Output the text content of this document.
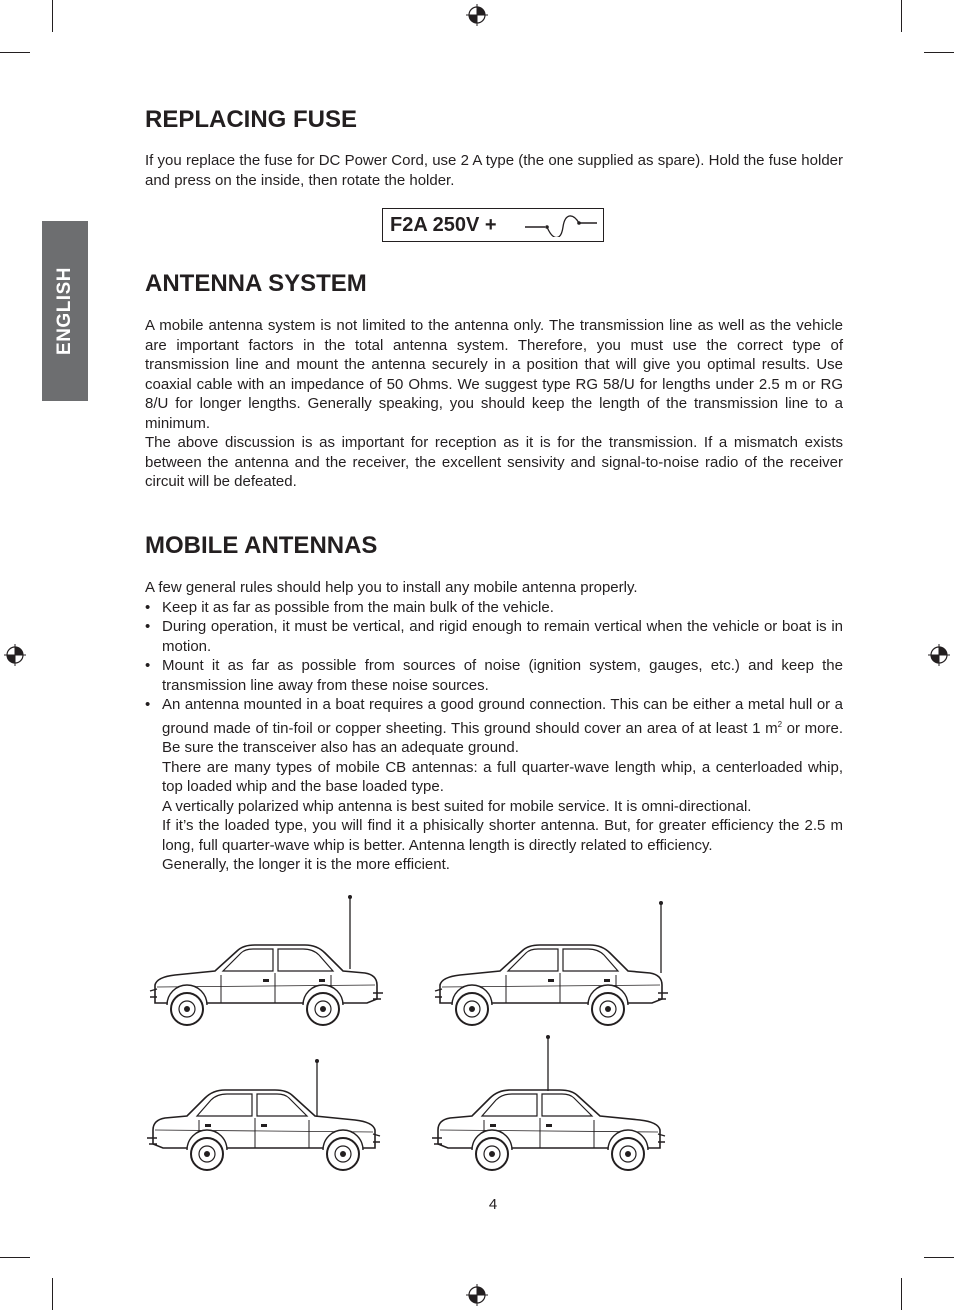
ENGLISH
REPLACING FUSE

If you replace the fuse for DC Power Cord, use 2 A type (the one supplied as spare). Hold the fuse holder and press on the inside, then rotate the holder.

F2A 250V +
ANTENNA SYSTEM

A mobile antenna system is not limited to the antenna only. The transmission line as well as the vehicle are important factors in the total antenna system. Therefore, you must use the correct type of transmission line and mount the antenna securely in a position that will give you optimal results. Use coaxial cable with an impedance of 50 Ohms. We suggest type RG 58/U for lengths under 2.5 m or RG 8/U for longer lengths. Generally speaking, you should keep the length of the transmission line to a minimum.

The above discussion is as important for reception as it is for the transmission. If a mismatch exists between the antenna and the receiver, the excellent sensivity and signal-to-noise radio of the receiver circuit will be defeated.

MOBILE ANTENNAS

A few general rules should help you to install any mobile antenna properly.

• Keep it as far as possible from the main bulk of the vehicle.
• During operation, it must be vertical, and rigid enough to remain vertical when the vehicle or boat is in motion.
• Mount it as far as possible from sources of noise (ignition system, gauges, etc.) and keep the transmission line away from these noise sources.
• An antenna mounted in a boat requires a good ground connection. This can be either a metal hull or a ground made of tin-foil or copper sheeting. This ground should cover an area of at least 1 $m^2$ or more. Be sure the transceiver also has an adequate ground.
There are many types of mobile CB antennas: a full quarter-wave length whip, a centerloaded whip, top loaded whip and the base loaded type.
A vertically polarized whip antenna is best suited for mobile service. It is omni-directional.
If it’s the loaded type, you will find it a phisically shorter antenna. But, for greater efficiency the 2.5 m long, full quarter-wave whip is better. Antenna length is directly related to efficiency.
Generally, the longer it is the more efficient.
4
